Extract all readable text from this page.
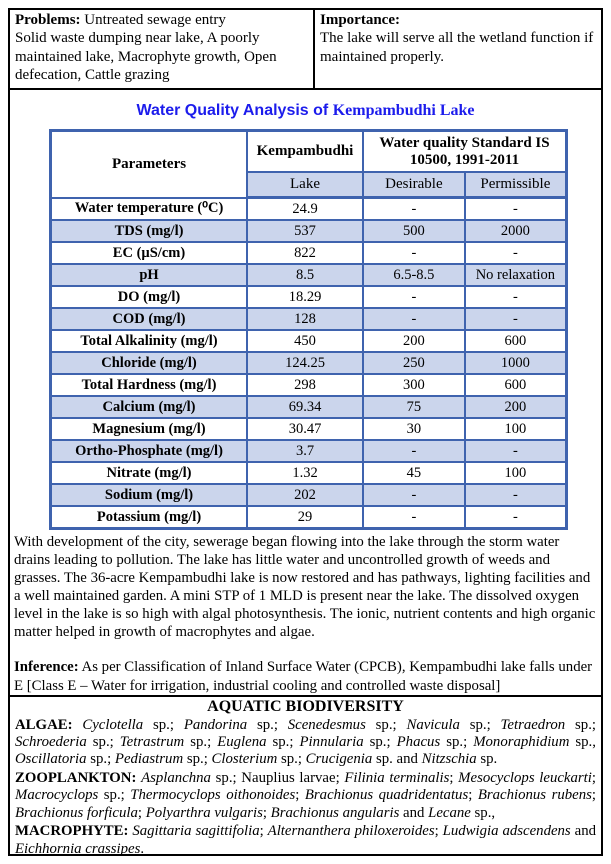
Problems: Untreated sewage entry
Solid waste dumping near lake, A poorly maintained lake, Macrophyte growth, Open defecation, Cattle grazing
Importance:
The lake will serve all the wetland function if maintained properly.
Water Quality Analysis of Kempambudhi Lake
Parameters	Kempambudhi	Water quality Standard IS 10500, 1991-2011	
	Lake	Desirable	Permissible
Water temperature (⁰C)	24.9	-	-
TDS (mg/l)	537	500	2000
EC (µS/cm)	822	-	-
pH	8.5	6.5-8.5	No relaxation
DO (mg/l)	18.29	-	-
COD (mg/l)	128	-	-
Total Alkalinity (mg/l)	450	200	600
Chloride (mg/l)	124.25	250	1000
Total Hardness (mg/l)	298	300	600
Calcium (mg/l)	69.34	75	200
Magnesium (mg/l)	30.47	30	100
Ortho-Phosphate (mg/l)	3.7	-	-
Nitrate (mg/l)	1.32	45	100
Sodium (mg/l)	202	-	-
Potassium (mg/l)	29	-	-

With development of the city, sewerage began flowing into the lake through the storm water drains leading to pollution. The lake has little water and uncontrolled growth of weeds and grasses. The 36-acre Kempambudhi lake is now restored and has pathways, lighting facilities and a well maintained garden. A mini STP of 1 MLD is present near the lake. The dissolved oxygen level in the lake is so high with algal photosynthesis. The ionic, nutrient contents and high organic matter helped in growth of macrophytes and algae.

Inference: As per Classification of Inland Surface Water (CPCB), Kempambudhi lake falls under E [Class E – Water for irrigation, industrial cooling and controlled waste disposal]

AQUATIC BIODIVERSITY

ALGAE: Cyclotella sp.; Pandorina sp.; Scenedesmus sp.; Navicula sp.; Tetraedron sp.; Schroederia sp.; Tetrastrum sp.; Euglena sp.; Pinnularia sp.; Phacus sp.; Monoraphidium sp., Oscillatoria sp.; Pediastrum sp.; Closterium sp.; Crucigenia sp. and Nitzschia sp.

ZOOPLANKTON: Asplanchna sp.; Nauplius larvae; Filinia terminalis; Mesocyclops leuckarti; Macrocyclops sp.; Thermocyclops oithonoides; Brachionus quadridentatus; Brachionus rubens; Brachionus forficula; Polyarthra vulgaris; Brachionus angularis and Lecane sp.,

MACROPHYTE: Sagittaria sagittifolia; Alternanthera philoxeroides; Ludwigia adscendens and Eichhornia crassipes.
